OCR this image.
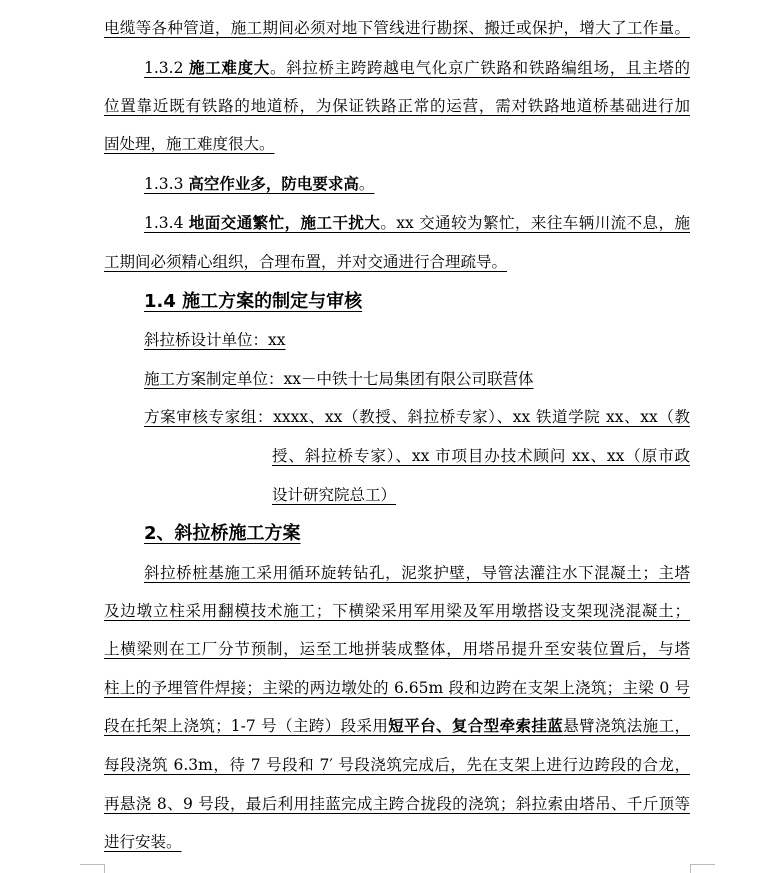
电缆等各种管道，施工期间必须对地下管线进行勘探、搬迁或保护，增大了工作量。
1.3.2 施工难度大。斜拉桥主跨跨越电气化京广铁路和铁路编组场，且主塔的
位置靠近既有铁路的地道桥，为保证铁路正常的运营，需对铁路地道桥基础进行加
固处理，施工难度很大。
1.3.3 高空作业多，防电要求高。
1.3.4 地面交通繁忙，施工干扰大。xx 交通较为繁忙，来往车辆川流不息，施
工期间必须精心组织，合理布置，并对交通进行合理疏导。
1.4 施工方案的制定与审核
斜拉桥设计单位：xx
施工方案制定单位：xx－中铁十七局集团有限公司联营体
方案审核专家组：xxxx、xx（教授、斜拉桥专家）、xx 铁道学院 xx、xx（教
授、斜拉桥专家）、xx 市项目办技术顾问 xx、xx（原市政
设计研究院总工）
2、斜拉桥施工方案
斜拉桥桩基施工采用循环旋转钻孔，泥浆护壁，导管法灌注水下混凝土；主塔
及边墩立柱采用翻模技术施工；下横梁采用军用梁及军用墩搭设支架现浇混凝土；
上横梁则在工厂分节预制，运至工地拼装成整体，用塔吊提升至安装位置后，与塔
柱上的予埋管件焊接；主梁的两边墩处的 6.65m 段和边跨在支架上浇筑；主梁 0 号
段在托架上浇筑；1-7 号（主跨）段采用短平台、复合型牵索挂蓝悬臂浇筑法施工，
每段浇筑 6.3m，待 7 号段和 7′ 号段浇筑完成后，先在支架上进行边跨段的合龙，
再悬浇 8、9 号段，最后利用挂蓝完成主跨合拢段的浇筑；斜拉索由塔吊、千斤顶等
进行安装。
